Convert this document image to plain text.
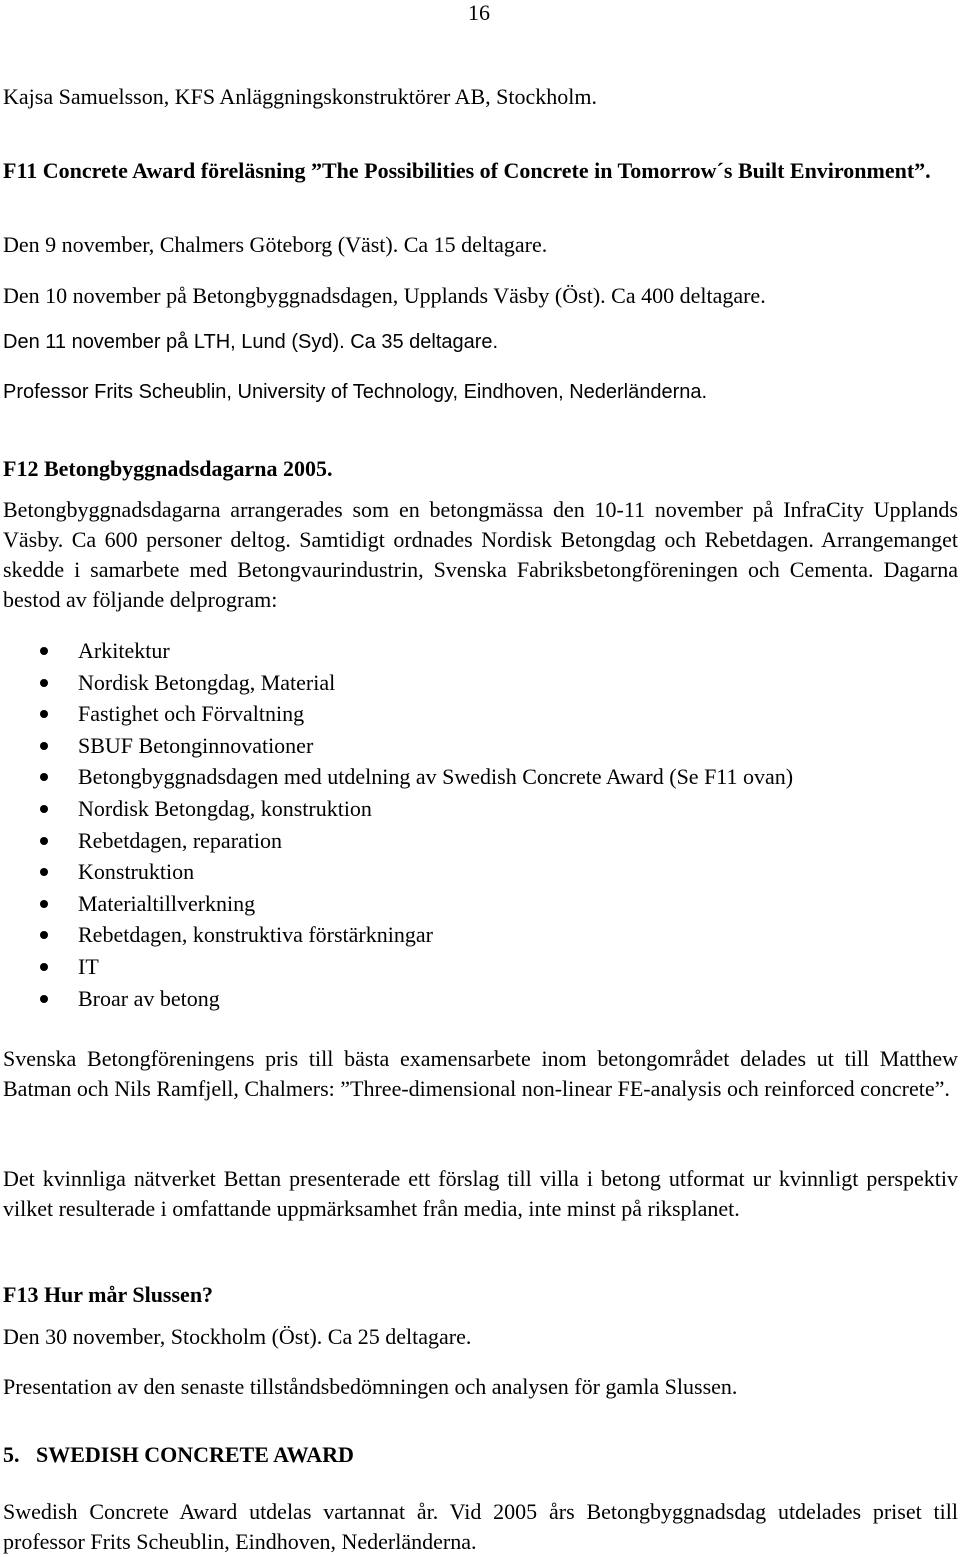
16

Kajsa Samuelsson, KFS Anläggningskonstruktörer AB, Stockholm.

F11 Concrete Award föreläsning ”The Possibilities of Concrete in Tomorrow´s Built Environment”.

Den 9 november, Chalmers Göteborg (Väst). Ca 15 deltagare.

Den 10 november på Betongbyggnadsdagen, Upplands Väsby (Öst). Ca 400 deltagare.

Den 11 november på LTH, Lund (Syd). Ca 35 deltagare.

Professor Frits Scheublin, University of Technology, Eindhoven, Nederländerna.

F12 Betongbyggnadsdagarna 2005.

Betongbyggnadsdagarna arrangerades som en betongmässa den 10-11 november på InfraCity Upplands Väsby. Ca 600 personer deltog. Samtidigt ordnades Nordisk Betongdag och Rebetdagen. Arrangemanget skedde i samarbete med Betongvaurindustrin, Svenska Fabriksbetongföreningen och Cementa. Dagarna bestod av följande delprogram:

Arkitektur
Nordisk Betongdag, Material
Fastighet och Förvaltning
SBUF Betonginnovationer
Betongbyggnadsdagen med utdelning av Swedish Concrete Award (Se F11 ovan)
Nordisk Betongdag, konstruktion
Rebetdagen, reparation
Konstruktion
Materialtillverkning
Rebetdagen, konstruktiva förstärkningar
IT
Broar av betong

Svenska Betongföreningens pris till bästa examensarbete inom betongområdet delades ut till Matthew Batman och Nils Ramfjell, Chalmers: ”Three-dimensional non-linear FE-analysis och reinforced concrete”.

Det kvinnliga nätverket Bettan presenterade ett förslag till villa i betong utformat ur kvinnligt perspektiv vilket resulterade i omfattande uppmärksamhet från media, inte minst på riksplanet.

F13 Hur mår Slussen?

Den 30 november, Stockholm (Öst). Ca 25 deltagare.

Presentation av den senaste tillståndsbedömningen och analysen för gamla Slussen.

5.   SWEDISH CONCRETE AWARD

Swedish Concrete Award utdelas vartannat år. Vid 2005 års Betongbyggnadsdag utdelades priset till professor Frits Scheublin, Eindhoven, Nederländerna.
